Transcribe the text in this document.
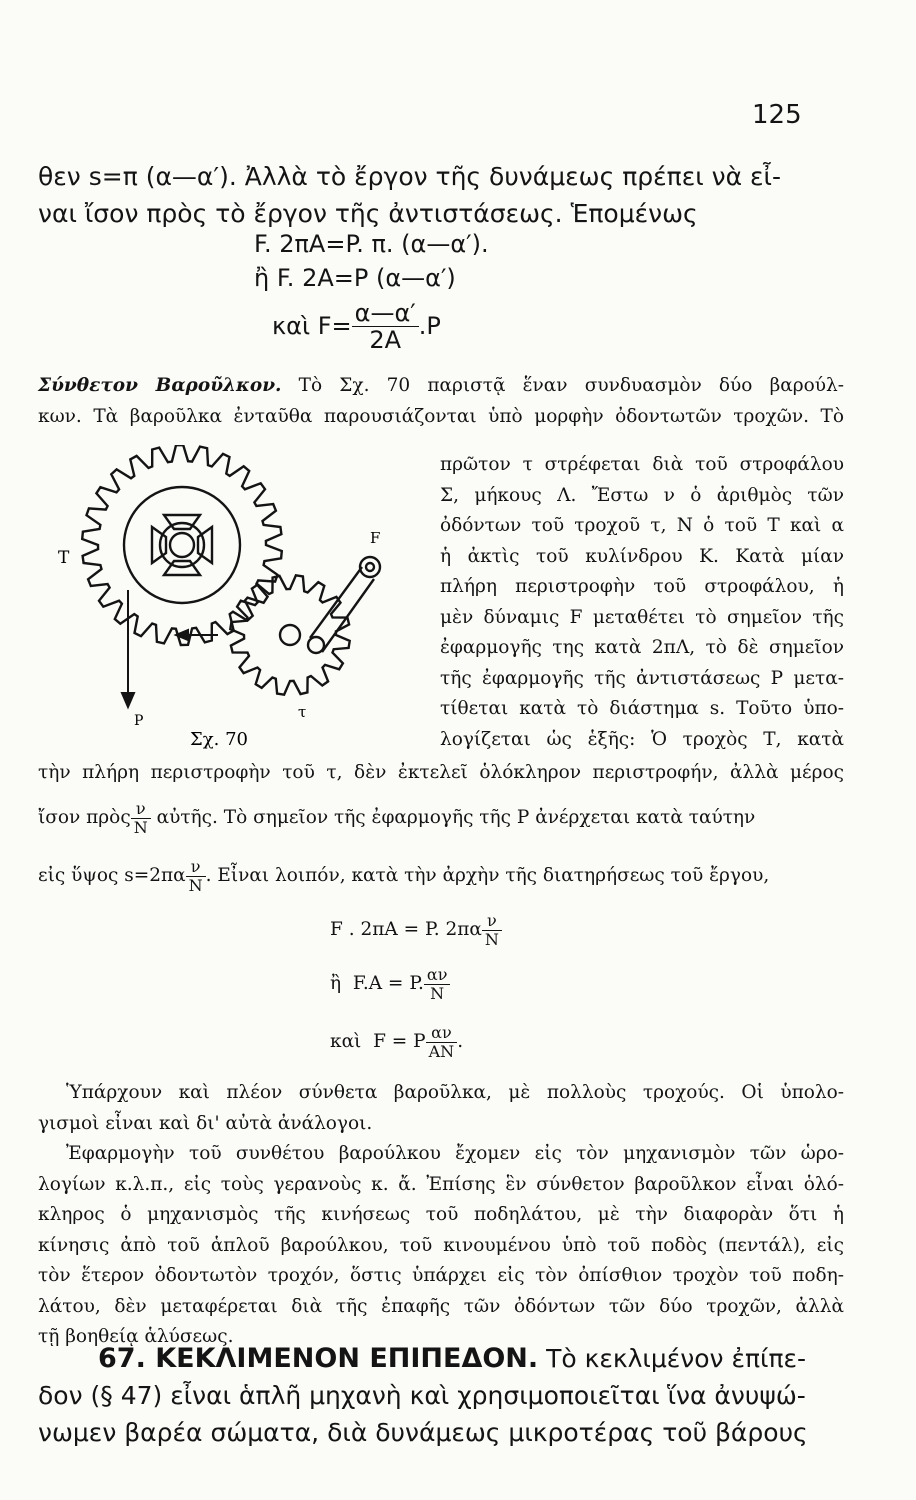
125
θεν s=π (α—α′). Ἀλλὰ τὸ ἔργον τῆς δυνάμεως πρέπει νὰ εἶ-
ναι ἴσον πρὸς τὸ ἔργον τῆς ἀντιστάσεως. Ἑπομένως
F. 2πΑ=P. π. (α—α′).
ἢ F. 2Α=P (α—α′)
καὶ $F= \frac{\alpha—\alpha'}{2A} .P$
Σύνθετον Βαροῦλκον. Τὸ Σχ. 70 παριστᾷ ἕναν συνδυασμὸν δύο βαρούλ-
κων. Τὰ βαροῦλκα ἐνταῦθα παρουσιάζονται ὑπὸ μορφὴν ὀδοντωτῶν τροχῶν. Τὸ
T
F
P	τ
Σχ. 70
πρῶτον τ στρέφεται διὰ τοῦ στροφάλου
Σ, μήκους Λ. Ἔστω ν ὁ ἀριθμὸς τῶν
ὀδόντων τοῦ τροχοῦ τ, Ν ὁ τοῦ Τ καὶ α
ἡ ἀκτὶς τοῦ κυλίνδρου Κ. Κατὰ μίαν
πλήρη περιστροφὴν τοῦ στροφάλου, ἡ
μὲν δύναμις F μεταθέτει τὸ σημεῖον τῆς
ἐφαρμογῆς της κατὰ 2πΛ, τὸ δὲ σημεῖον
τῆς ἐφαρμογῆς τῆς ἀντιστάσεως P μετα-
τίθεται κατὰ τὸ διάστημα s. Τοῦτο ὑπο-
λογίζεται ὡς ἑξῆς: Ὁ τροχὸς Τ, κατὰ
τὴν πλήρη περιστροφὴν τοῦ τ, δὲν ἐκτελεῖ ὁλόκληρον περιστροφήν, ἀλλὰ μέρος
ἴσον πρὸς $\frac{\nu}{N}$ αὐτῆς. Τὸ σημεῖον τῆς ἐφαρμογῆς τῆς P ἀνέρχεται κατὰ ταύτην
εἰς ὕψος $s=2\pi\alpha \frac{\nu}{N}$ . Εἶναι λοιπόν, κατὰ τὴν ἀρχὴν τῆς διατηρήσεως τοῦ ἔργου,
F . 2πΑ = P. $2\pi\alpha \frac{\nu}{N}$
ἢ F.Α = P. $\frac{\alpha\nu}{N}$
καὶ F = P $\frac{\alpha\nu}{AN}$ .
Ὑπάρχουν καὶ πλέον σύνθετα βαροῦλκα, μὲ πολλοὺς τροχούς. Οἱ ὑπολο-
γισμοὶ εἶναι καὶ δι' αὐτὰ ἀνάλογοι.
Ἐφαρμογὴν τοῦ συνθέτου βαρούλκου ἔχομεν εἰς τὸν μηχανισμὸν τῶν ὡρο-
λογίων κ.λ.π., εἰς τοὺς γερανοὺς κ. ἄ. Ἐπίσης ἓν σύνθετον βαροῦλκον εἶναι ὁλό-
κληρος ὁ μηχανισμὸς τῆς κινήσεως τοῦ ποδηλάτου, μὲ τὴν διαφορὰν ὅτι ἡ
κίνησις ἀπὸ τοῦ ἁπλοῦ βαρούλκου, τοῦ κινουμένου ὑπὸ τοῦ ποδὸς (πεντάλ), εἰς
τὸν ἕτερον ὀδοντωτὸν τροχόν, ὅστις ὑπάρχει εἰς τὸν ὀπίσθιον τροχὸν τοῦ ποδη-
λάτου, δὲν μεταφέρεται διὰ τῆς ἐπαφῆς τῶν ὀδόντων τῶν δύο τροχῶν, ἀλλὰ
τῇ βοηθείᾳ ἁλύσεως.
67. ΚΕΚΛΙΜΕΝΟΝ ΕΠΙΠΕΔΟΝ. Τὸ κεκλιμένον ἐπίπε-
δον (§ 47) εἶναι ἁπλῆ μηχανὴ καὶ χρησιμοποιεῖται ἵνα ἀνυψώ-
νωμεν βαρέα σώματα, διὰ δυνάμεως μικροτέρας τοῦ βάρους
